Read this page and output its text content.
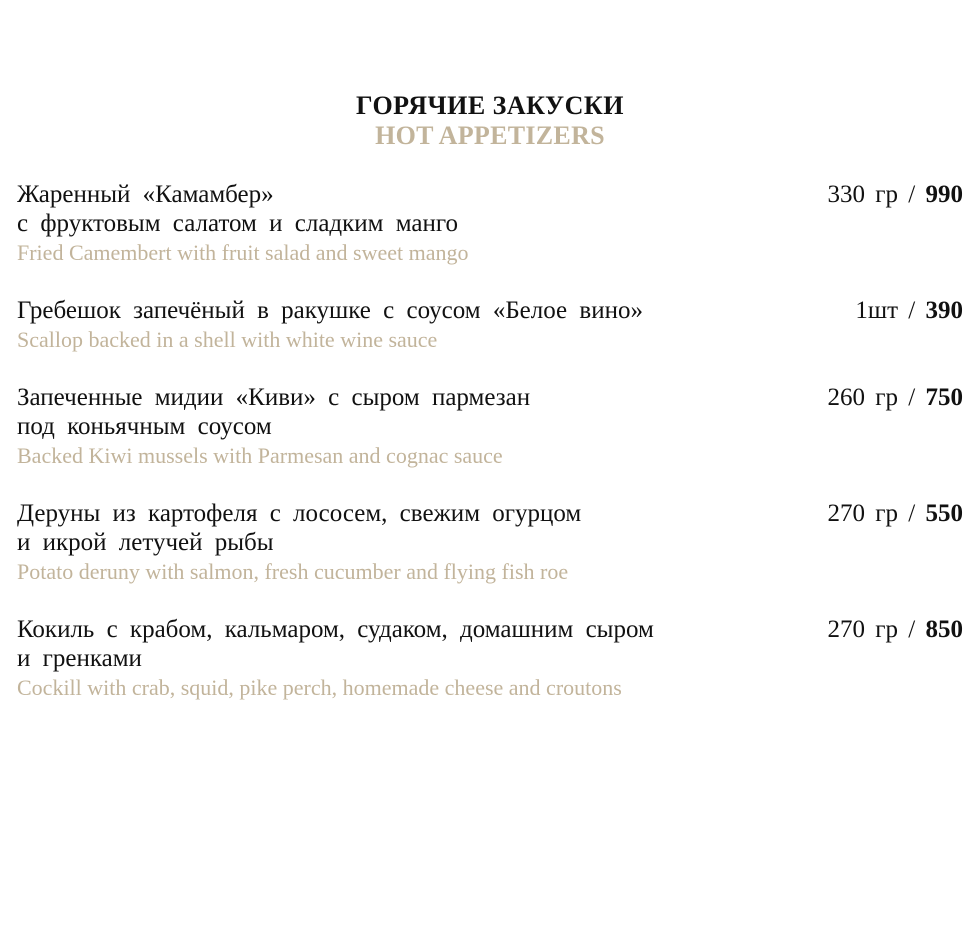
ГОРЯЧИЕ ЗАКУСКИ
HOT APPETIZERS
Жаренный «Камамбер»
с фруктовым салатом и сладким манго
Fried Camembert with fruit salad and sweet mango
330 гр / 990
Гребешок запечёный в ракушке с соусом «Белое вино»
Scallop backed in a shell with white wine sauce
1шт / 390
Запеченные мидии «Киви» с сыром пармезан
под коньячным соусом
Backed Kiwi mussels with Parmesan and cognac sauce
260 гр / 750
Деруны из картофеля с лососем, свежим огурцом
и икрой летучей рыбы
Potato deruny with salmon, fresh cucumber and flying fish roe
270 гр / 550
Кокиль с крабом, кальмаром, судаком, домашним сыром
и гренками
Cockill with crab, squid, pike perch, homemade cheese and croutons
270 гр / 850
